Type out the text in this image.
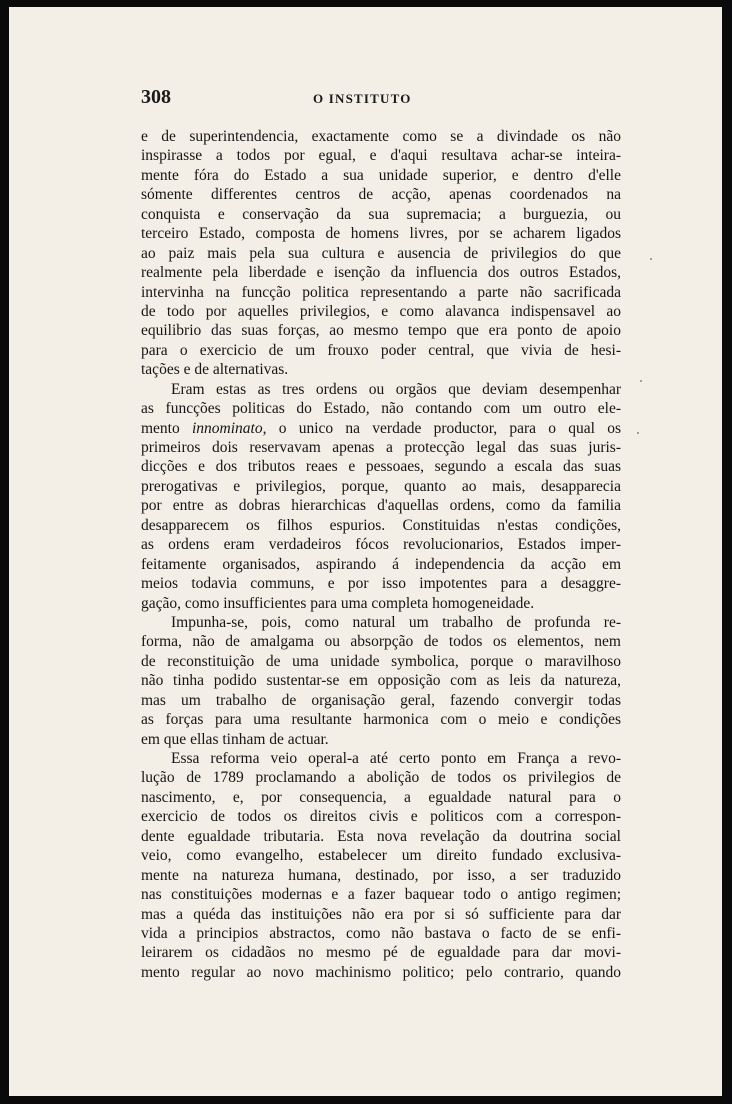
308	O INSTITUTO
e de superintendencia, exactamente como se a divindade os não
inspirasse a todos por egual, e d'aqui resultava achar-se inteira-
mente fóra do Estado a sua unidade superior, e dentro d'elle
sómente differentes centros de acção, apenas coordenados na
conquista e conservação da sua supremacia; a burguezia, ou
terceiro Estado, composta de homens livres, por se acharem ligados
ao paiz mais pela sua cultura e ausencia de privilegios do que
realmente pela liberdade e isenção da influencia dos outros Estados,
intervinha na funcção politica representando a parte não sacrificada
de todo por aquelles privilegios, e como alavanca indispensavel ao
equilibrio das suas forças, ao mesmo tempo que era ponto de apoio
para o exercicio de um frouxo poder central, que vivia de hesi-
tações e de alternativas.
Eram estas as tres ordens ou orgãos que deviam desempenhar
as funcções politicas do Estado, não contando com um outro ele-
mento innominato, o unico na verdade productor, para o qual os
primeiros dois reservavam apenas a protecção legal das suas juris-
dicções e dos tributos reaes e pessoaes, segundo a escala das suas
prerogativas e privilegios, porque, quanto ao mais, desapparecia
por entre as dobras hierarchicas d'aquellas ordens, como da familia
desapparecem os filhos espurios. Constituidas n'estas condições,
as ordens eram verdadeiros fócos revolucionarios, Estados imper-
feitamente organisados, aspirando á independencia da acção em
meios todavia communs, e por isso impotentes para a desaggre-
gação, como insufficientes para uma completa homogeneidade.
Impunha-se, pois, como natural um trabalho de profunda re-
forma, não de amalgama ou absorpção de todos os elementos, nem
de reconstituição de uma unidade symbolica, porque o maravilhoso
não tinha podido sustentar-se em opposição com as leis da natureza,
mas um trabalho de organisação geral, fazendo convergir todas
as forças para uma resultante harmonica com o meio e condições
em que ellas tinham de actuar.
Essa reforma veio operal-a até certo ponto em França a revo-
lução de 1789 proclamando a abolição de todos os privilegios de
nascimento, e, por consequencia, a egualdade natural para o
exercicio de todos os direitos civis e politicos com a correspon-
dente egualdade tributaria. Esta nova revelação da doutrina social
veio, como evangelho, estabelecer um direito fundado exclusiva-
mente na natureza humana, destinado, por isso, a ser traduzido
nas constituições modernas e a fazer baquear todo o antigo regimen;
mas a quéda das instituições não era por si só sufficiente para dar
vida a principios abstractos, como não bastava o facto de se enfi-
leirarem os cidadãos no mesmo pé de egualdade para dar movi-
mento regular ao novo machinismo politico; pelo contrario, quando
